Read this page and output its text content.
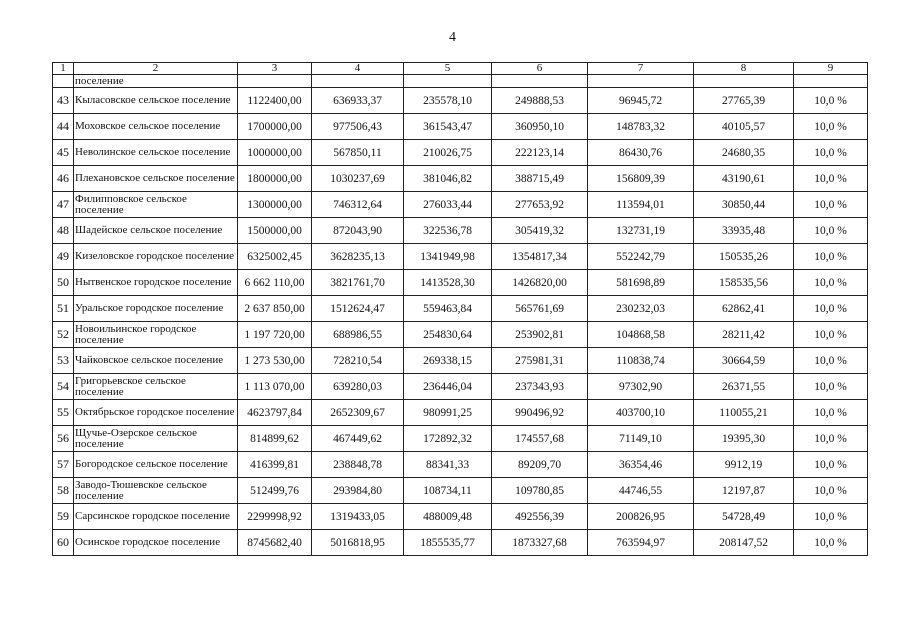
4
1	2	3	4	5	6	7	8	9
	поселение							
43	Кыласовское сельское поселение	1122400,00	636933,37	235578,10	249888,53	96945,72	27765,39	10,0 %
44	Моховское сельское поселение	1700000,00	977506,43	361543,47	360950,10	148783,32	40105,57	10,0 %
45	Неволинское сельское поселение	1000000,00	567850,11	210026,75	222123,14	86430,76	24680,35	10,0 %
46	Плехановское сельское поселение	1800000,00	1030237,69	381046,82	388715,49	156809,39	43190,61	10,0 %
47	Филипповское сельское поселение	1300000,00	746312,64	276033,44	277653,92	113594,01	30850,44	10,0 %
48	Шадейское сельское поселение	1500000,00	872043,90	322536,78	305419,32	132731,19	33935,48	10,0 %
49	Кизеловское городское поселение	6325002,45	3628235,13	1341949,98	1354817,34	552242,79	150535,26	10,0 %
50	Нытвенское городское поселение	6 662 110,00	3821761,70	1413528,30	1426820,00	581698,89	158535,56	10,0 %
51	Уральское городское поселение	2 637 850,00	1512624,47	559463,84	565761,69	230232,03	62862,41	10,0 %
52	Новоильинское городское поселение	1 197 720,00	688986,55	254830,64	253902,81	104868,58	28211,42	10,0 %
53	Чайковское сельское поселение	1 273 530,00	728210,54	269338,15	275981,31	110838,74	30664,59	10,0 %
54	Григорьевское сельское поселение	1 113 070,00	639280,03	236446,04	237343,93	97302,90	26371,55	10,0 %
55	Октябрьское городское поселение	4623797,84	2652309,67	980991,25	990496,92	403700,10	110055,21	10,0 %
56	Щучье-Озерское сельское поселение	814899,62	467449,62	172892,32	174557,68	71149,10	19395,30	10,0 %
57	Богородское сельское поселение	416399,81	238848,78	88341,33	89209,70	36354,46	9912,19	10,0 %
58	Заводо-Тюшевское сельское поселение	512499,76	293984,80	108734,11	109780,85	44746,55	12197,87	10,0 %
59	Сарсинское городское поселение	2299998,92	1319433,05	488009,48	492556,39	200826,95	54728,49	10,0 %
60	Осинское городское поселение	8745682,40	5016818,95	1855535,77	1873327,68	763594,97	208147,52	10,0 %
